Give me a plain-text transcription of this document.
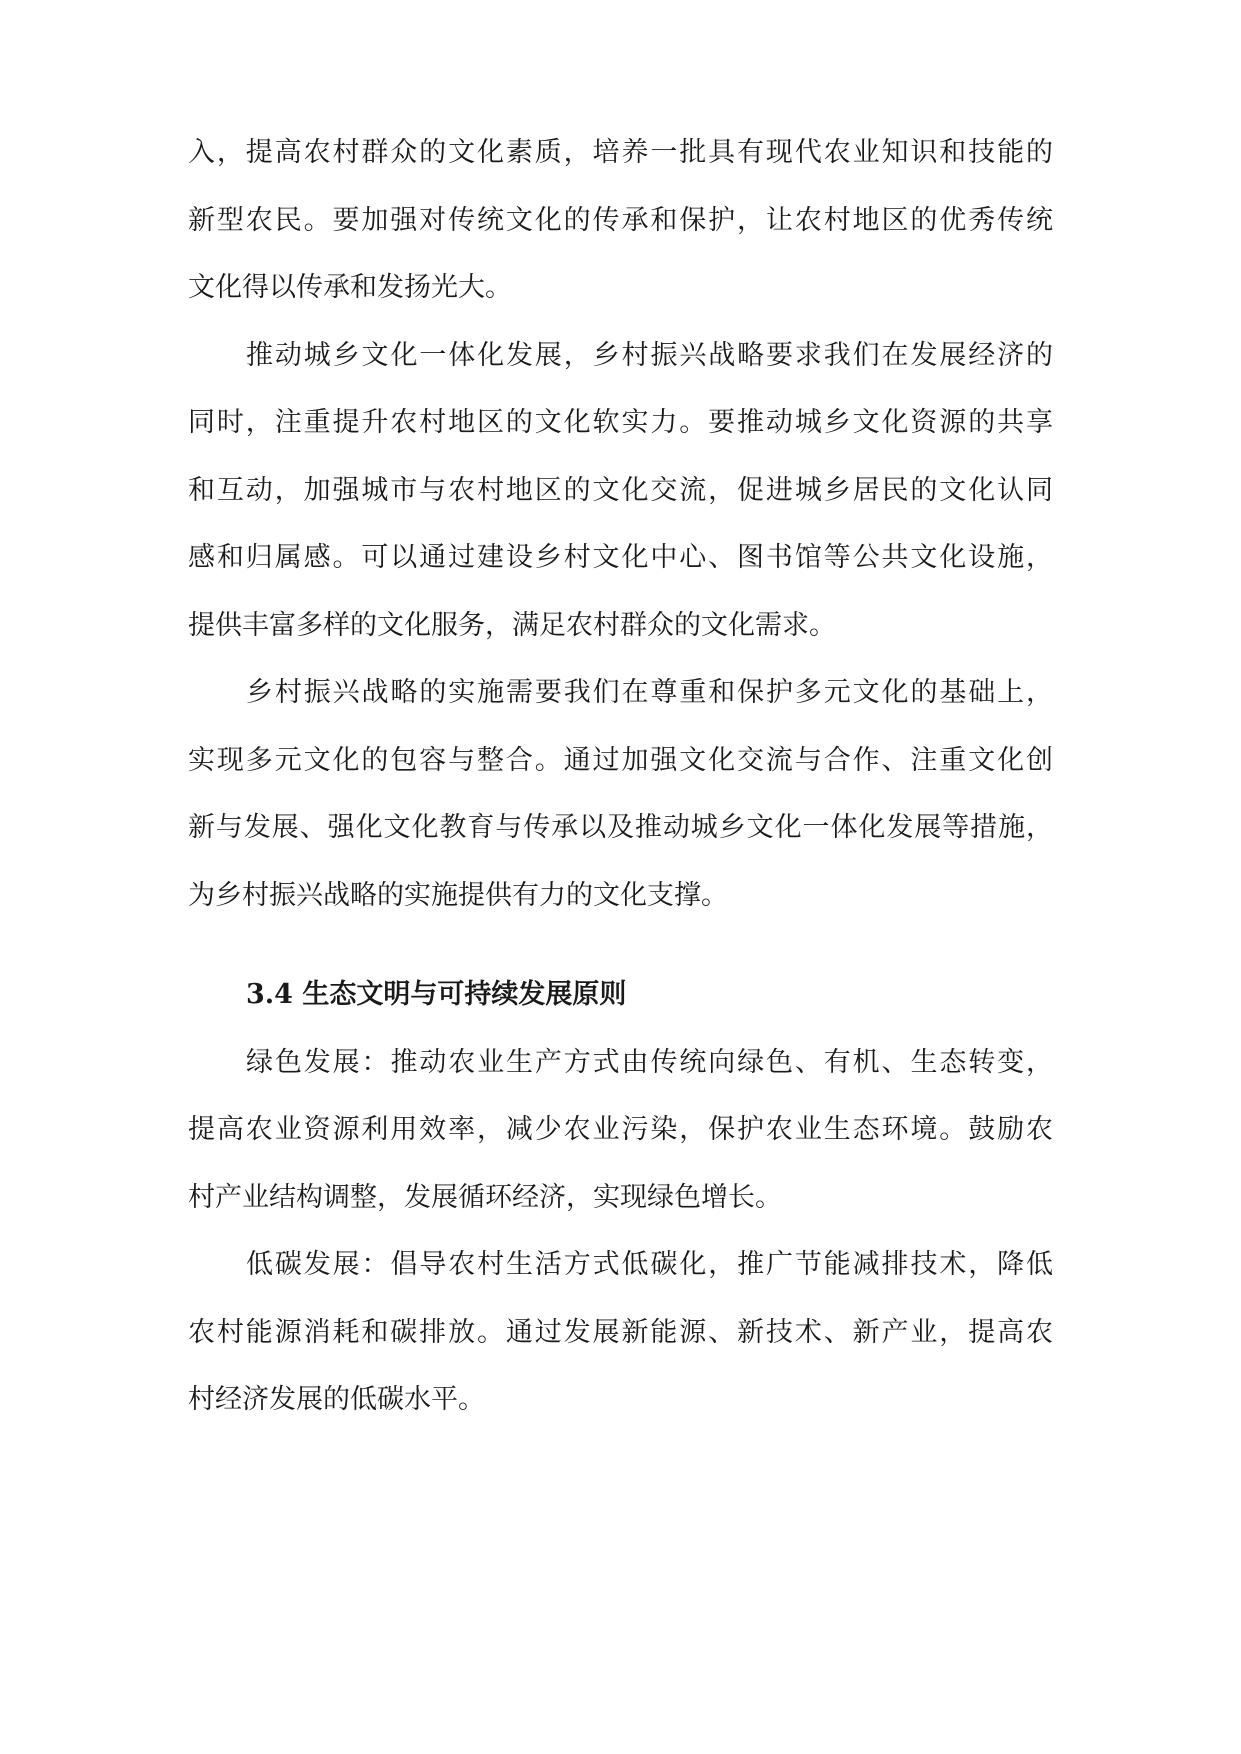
入，提高农村群众的文化素质，培养一批具有现代农业知识和技能的
新型农民。要加强对传统文化的传承和保护，让农村地区的优秀传统
文化得以传承和发扬光大。
推动城乡文化一体化发展，乡村振兴战略要求我们在发展经济的
同时，注重提升农村地区的文化软实力。要推动城乡文化资源的共享
和互动，加强城市与农村地区的文化交流，促进城乡居民的文化认同
感和归属感。可以通过建设乡村文化中心、图书馆等公共文化设施，
提供丰富多样的文化服务，满足农村群众的文化需求。
乡村振兴战略的实施需要我们在尊重和保护多元文化的基础上，
实现多元文化的包容与整合。通过加强文化交流与合作、注重文化创
新与发展、强化文化教育与传承以及推动城乡文化一体化发展等措施，
为乡村振兴战略的实施提供有力的文化支撑。
3.4 生态文明与可持续发展原则
绿色发展：推动农业生产方式由传统向绿色、有机、生态转变，
提高农业资源利用效率，减少农业污染，保护农业生态环境。鼓励农
村产业结构调整，发展循环经济，实现绿色增长。
低碳发展：倡导农村生活方式低碳化，推广节能减排技术，降低
农村能源消耗和碳排放。通过发展新能源、新技术、新产业，提高农
村经济发展的低碳水平。
